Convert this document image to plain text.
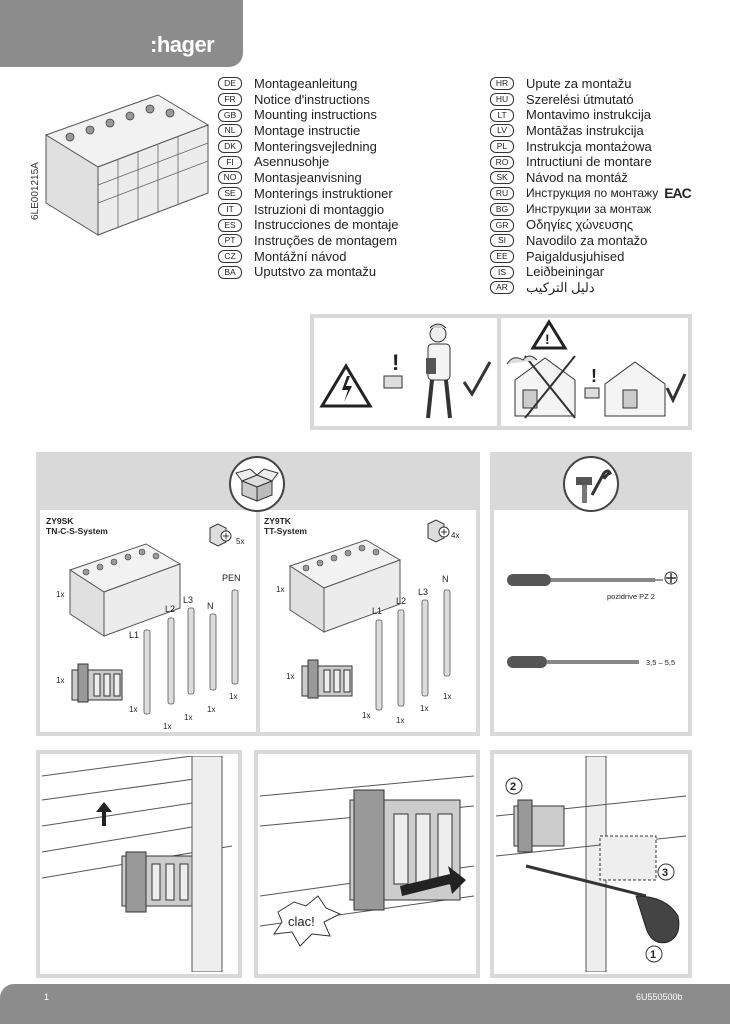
:hager
6LE001215A
DE	Montageanleitung
FR	Notice d'instructions
GB	Mounting instructions
NL	Montage instructie
DK	Monteringsvejledning
FI	Asennusohje
NO	Montasjeanvisning
SE	Monterings instruktioner
IT	Istruzioni di montaggio
ES	Instrucciones de montaje
PT	Instruções de montagem
CZ	Montážní návod
BA	Uputstvo za montažu
HR	Upute za montažu
HU	Szerelési útmutató
LT	Montavimo instrukcija
LV	Montāžas instrukcija
PL	Instrukcja montażowa
RO	Intructiuni de montare
SK	Návod na montáž
RU	Инструкция по монтажу EAC
BG	Инструкции за монтаж
GR	Οδηγίες χώνευσης
SI	Navodilo za montažo
EE	Paigaldusjuhised
IS	Leiðbeiningar
AR	دليل التركيب
!
!
!
ZY9SK
TN-C-S-System
5x
1x
L1
L2
L3
N
PEN
1x
1x
1x
1x
1x
1x
ZY9TK
TT-System	4x
1x
L1
L2
L3
N
1x
1x
1x
1x
1x
pozidrive PZ 2
3,5 – 5,5
clac!
2
3
1
1	6U550500b
